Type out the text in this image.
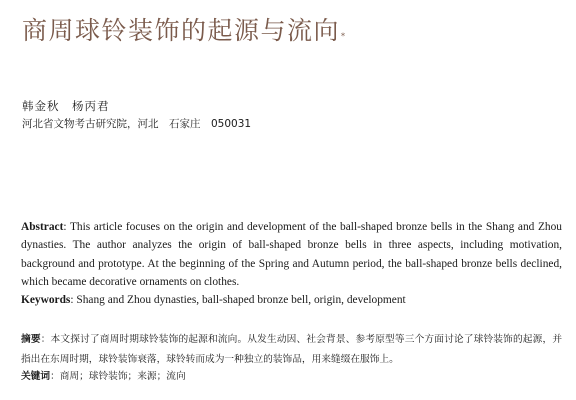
商周球铃装饰的起源与流向*
韩金秋　杨丙君
河北省文物考古研究院，河北　石家庄　050031

Abstract: This article focuses on the origin and development of the ball-shaped bronze bells in the Shang and Zhou dynasties. The author analyzes the origin of ball-shaped bronze bells in three aspects, including motivation, background and prototype. At the beginning of the Spring and Autumn period, the ball-shaped bronze bells declined, which became decorative ornaments on clothes.

Keywords: Shang and Zhou dynasties, ball-shaped bronze bell, origin, development

摘要：本文探讨了商周时期球铃装饰的起源和流向。从发生动因、社会背景、参考原型等三个方面讨论了球铃装饰的起源，并指出在东周时期，球铃装饰衰落，球铃转而成为一种独立的装饰品，用来缝缀在服饰上。

关键词：商周；球铃装饰；来源；流向
